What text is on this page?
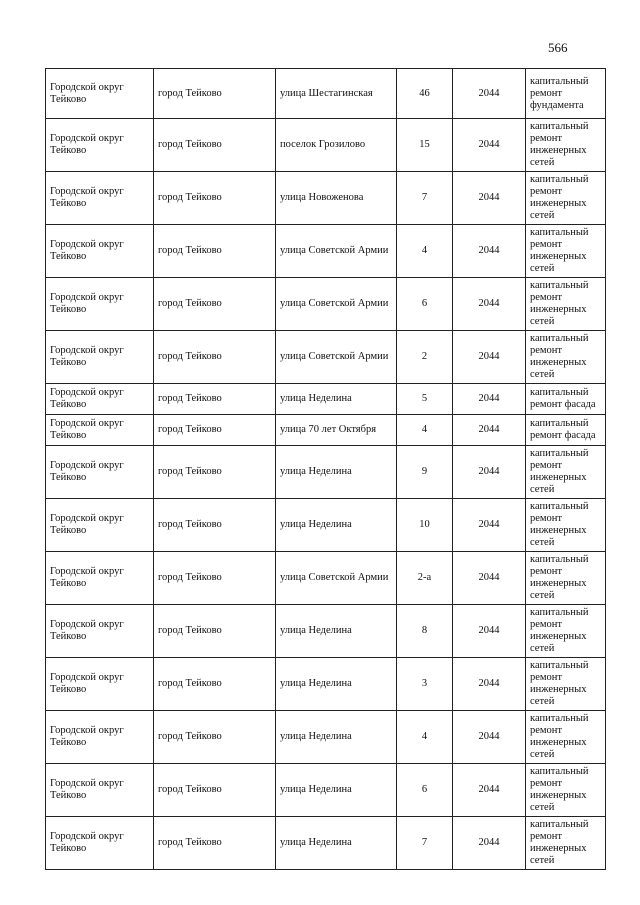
566
Городской округ Тейково	город Тейково	улица Шестагинская	46	2044	капитальный ремонт фундамента
Городской округ Тейково	город Тейково	поселок Грозилово	15	2044	капитальный ремонт инженерных сетей
Городской округ Тейково	город Тейково	улица Новоженова	7	2044	капитальный ремонт инженерных сетей
Городской округ Тейково	город Тейково	улица Советской Армии	4	2044	капитальный ремонт инженерных сетей
Городской округ Тейково	город Тейково	улица Советской Армии	6	2044	капитальный ремонт инженерных сетей
Городской округ Тейково	город Тейково	улица Советской Армии	2	2044	капитальный ремонт инженерных сетей
Городской округ Тейково	город Тейково	улица Неделина	5	2044	капитальный ремонт фасада
Городской округ Тейково	город Тейково	улица 70 лет Октября	4	2044	капитальный ремонт фасада
Городской округ Тейково	город Тейково	улица Неделина	9	2044	капитальный ремонт инженерных сетей
Городской округ Тейково	город Тейково	улица Неделина	10	2044	капитальный ремонт инженерных сетей
Городской округ Тейково	город Тейково	улица Советской Армии	2-а	2044	капитальный ремонт инженерных сетей
Городской округ Тейково	город Тейково	улица Неделина	8	2044	капитальный ремонт инженерных сетей
Городской округ Тейково	город Тейково	улица Неделина	3	2044	капитальный ремонт инженерных сетей
Городской округ Тейково	город Тейково	улица Неделина	4	2044	капитальный ремонт инженерных сетей
Городской округ Тейково	город Тейково	улица Неделина	6	2044	капитальный ремонт инженерных сетей
Городской округ Тейково	город Тейково	улица Неделина	7	2044	капитальный ремонт инженерных сетей
